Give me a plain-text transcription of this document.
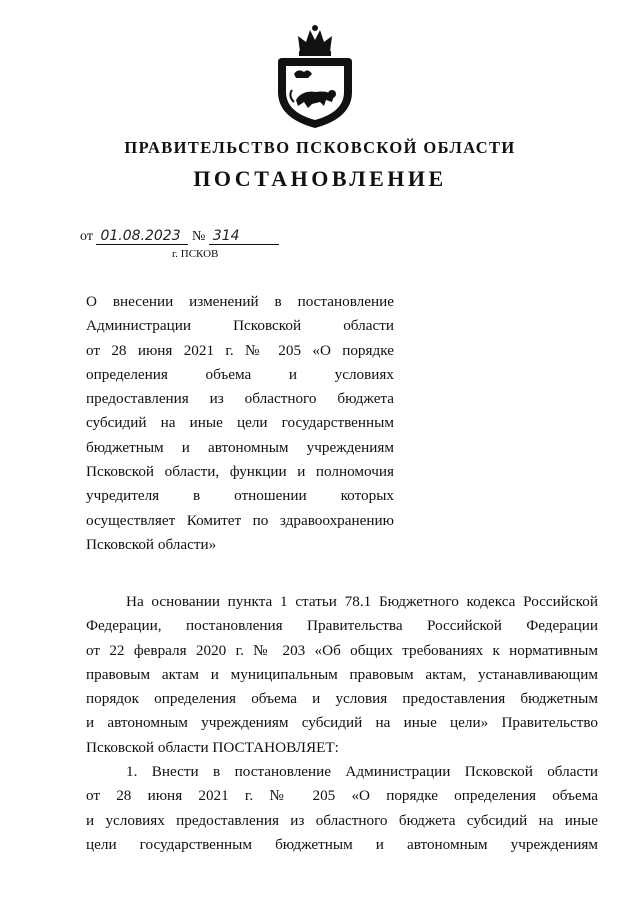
ПРАВИТЕЛЬСТВО ПСКОВСКОЙ ОБЛАСТИ
ПОСТАНОВЛЕНИЕ
от 01.08.2023 № 314
г. ПСКОВ

О внесении изменений в постановление

Администрации Псковской области

от 28 июня 2021 г. № 205 «О порядке

определения объема и условиях

предоставления из областного бюджета

субсидий на иные цели государственным

бюджетным и автономным учреждениям

Псковской области, функции и полномочия

учредителя в отношении которых

осуществляет Комитет по здравоохранению

Псковской области»

На основании пункта 1 статьи 78.1 Бюджетного кодекса Российской

Федерации, постановления Правительства Российской Федерации

от 22 февраля 2020 г. № 203 «Об общих требованиях к нормативным

правовым актам и муниципальным правовым актам, устанавливающим

порядок определения объема и условия предоставления бюджетным

и автономным учреждениям субсидий на иные цели» Правительство

Псковской области ПОСТАНОВЛЯЕТ:

1. Внести в постановление Администрации Псковской области

от 28 июня 2021 г. № 205 «О порядке определения объема

и условиях предоставления из областного бюджета субсидий на иные

цели государственным бюджетным и автономным учреждениям
